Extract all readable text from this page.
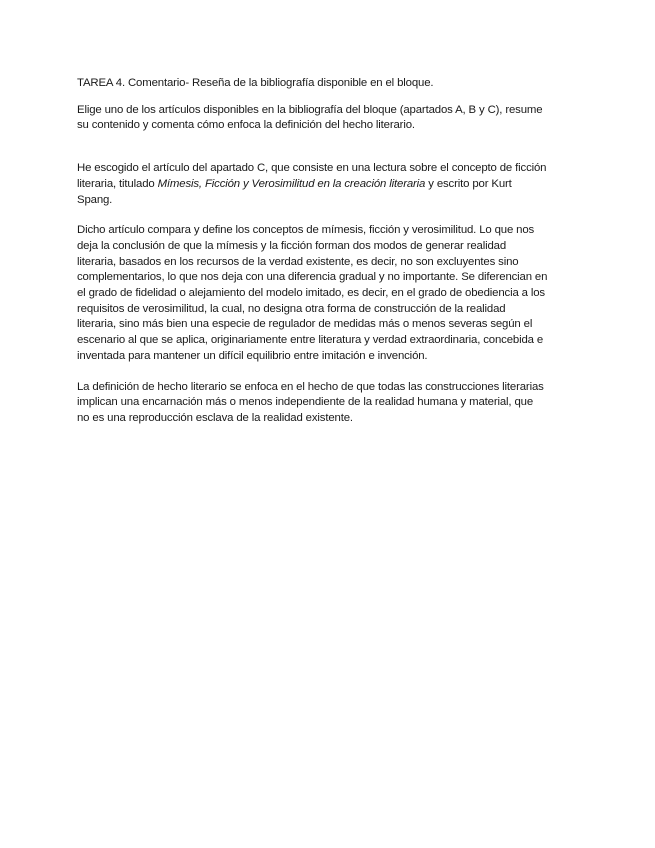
TAREA 4. Comentario- Reseña de la bibliografía disponible en el bloque.

Elige uno de los artículos disponibles en la bibliografía del bloque (apartados A, B y C), resume
su contenido y comenta cómo enfoca la definición del hecho literario.

He escogido el artículo del apartado C, que consiste en una lectura sobre el concepto de ficción
literaria, titulado Mímesis, Ficción y Verosimilitud en la creación literaria y escrito por Kurt
Spang.

Dicho artículo compara y define los conceptos de mímesis, ficción y verosimilitud. Lo que nos
deja la conclusión de que la mímesis y la ficción forman dos modos de generar realidad
literaria, basados en los recursos de la verdad existente, es decir, no son excluyentes sino
complementarios, lo que nos deja con una diferencia gradual y no importante. Se diferencian en
el grado de fidelidad o alejamiento del modelo imitado, es decir, en el grado de obediencia a los
requisitos de verosimilitud, la cual, no designa otra forma de construcción de la realidad
literaria, sino más bien una especie de regulador de medidas más o menos severas según el
escenario al que se aplica, originariamente entre literatura y verdad extraordinaria, concebida e
inventada para mantener un difícil equilibrio entre imitación e invención.

La definición de hecho literario se enfoca en el hecho de que todas las construcciones literarias
implican una encarnación más o menos independiente de la realidad humana y material, que
no es una reproducción esclava de la realidad existente.
